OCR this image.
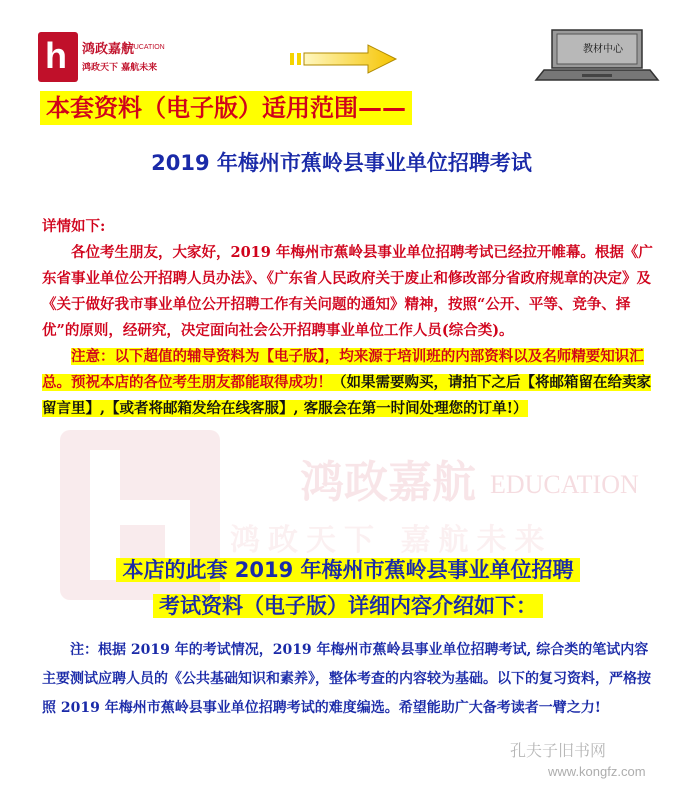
h 鸿政嘉航
EDUCATION
鸿政天下 嘉航未来
教材中心
本套资料（电子版）适用范围——
2019 年梅州市蕉岭县事业单位招聘考试
鸿政嘉航 EDUCATION
鸿政天下 嘉航未来

详情如下:

各位考生朋友，大家好，2019 年梅州市蕉岭县事业单位招聘考试已经拉开帷幕。根据《广东省事业单位公开招聘人员办法》、《广东省人民政府关于废止和修改部分省政府规章的决定》及《关于做好我市事业单位公开招聘工作有关问题的通知》精神，按照“公开、平等、竞争、择优”的原则，经研究，决定面向社会公开招聘事业单位工作人员(综合类)。

注意：以下超值的辅导资料为【电子版】，均来源于培训班的内部资料以及名师精要知识汇总。预祝本店的各位考生朋友都能取得成功！（如果需要购买，请拍下之后【将邮箱留在给卖家留言里】,【或者将邮箱发给在线客服】, 客服会在第一时间处理您的订单!）

本店的此套 2019 年梅州市蕉岭县事业单位招聘
考试资料（电子版）详细内容介绍如下：

注：根据 2019 年的考试情况，2019 年梅州市蕉岭县事业单位招聘考试, 综合类的笔试内容主要测试应聘人员的《公共基础知识和素养》，整体考查的内容较为基础。以下的复习资料，严格按照 2019 年梅州市蕉岭县事业单位招聘考试的难度编选。希望能助广大备考读者一臂之力!

孔夫子旧书网
www.kongfz.com
